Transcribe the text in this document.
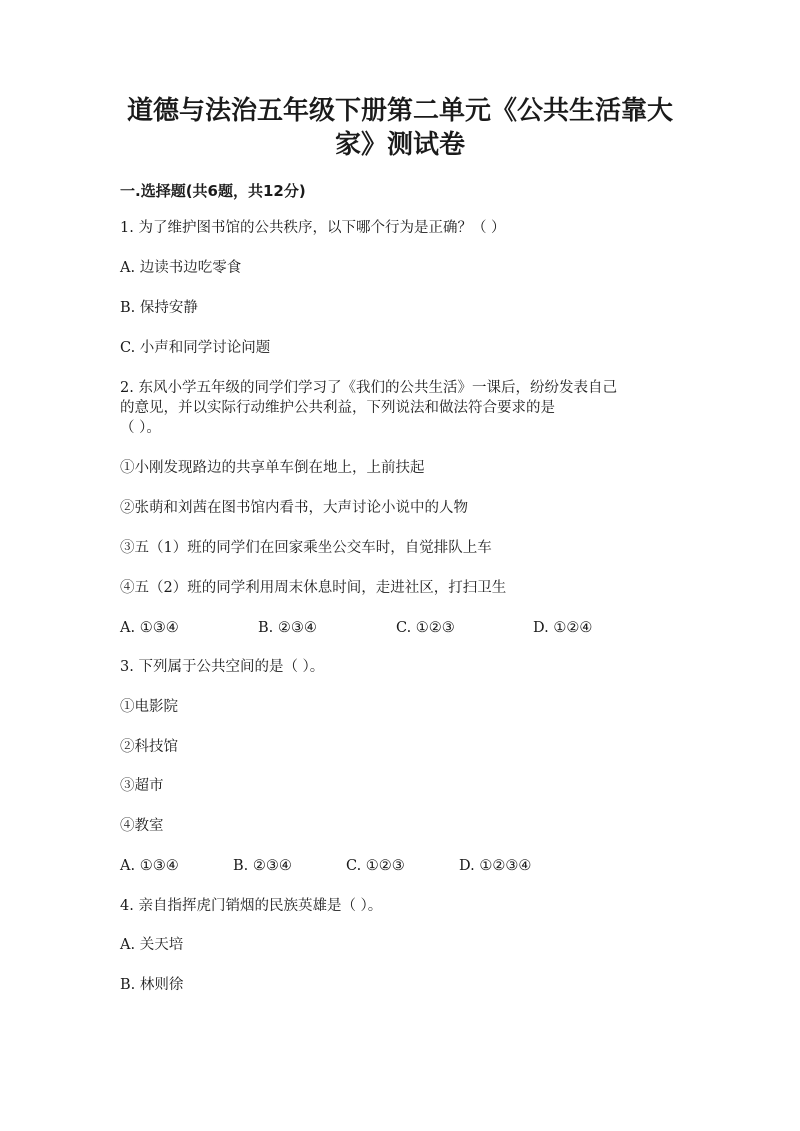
道德与法治五年级下册第二单元《公共生活靠大
家》测试卷
一.选择题(共6题，共12分)
1. 为了维护图书馆的公共秩序，以下哪个行为是正确？（ ）
A. 边读书边吃零食
B. 保持安静
C. 小声和同学讨论问题
2. 东风小学五年级的同学们学习了《我们的公共生活》一课后，纷纷发表自己
的意见，并以实际行动维护公共利益，下列说法和做法符合要求的是
（ ）。
①小刚发现路边的共享单车倒在地上，上前扶起
②张萌和刘茜在图书馆内看书，大声讨论小说中的人物
③五（1）班的同学们在回家乘坐公交车时，自觉排队上车
④五（2）班的同学利用周末休息时间，走进社区，打扫卫生
A. ①③④	B. ②③④	C. ①②③	D. ①②④
3. 下列属于公共空间的是（ ）。
①电影院
②科技馆
③超市
④教室
A. ①③④	B. ②③④	C. ①②③	D. ①②③④
4. 亲自指挥虎门销烟的民族英雄是（ ）。
A. 关天培
B. 林则徐
